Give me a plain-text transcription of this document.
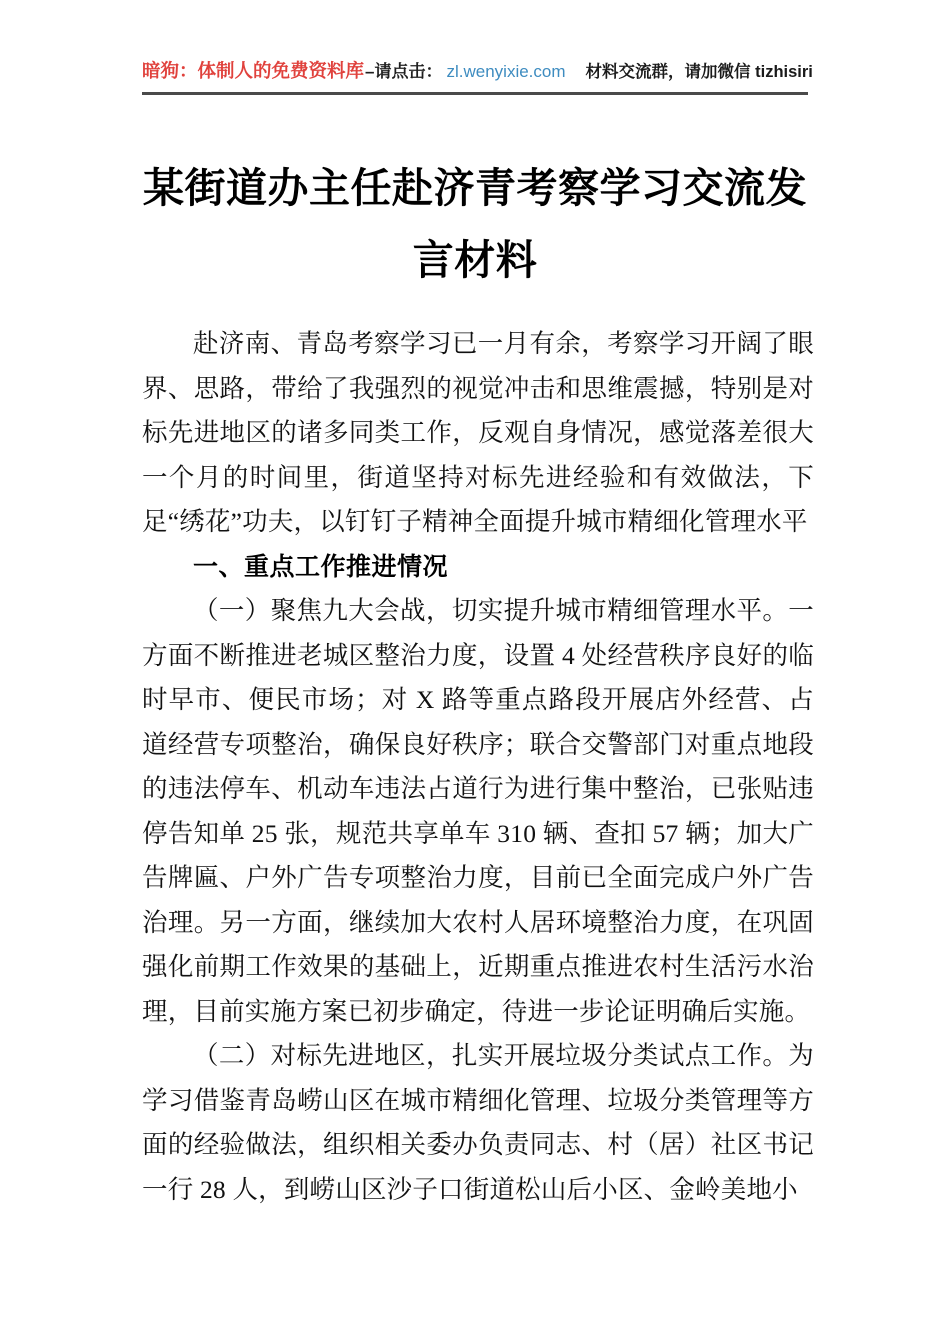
暗狗：体制人的免费资料库 –请点击： zl.wenyixie.com 材料交流群，请加微信 tizhisiri
某街道办主任赴济青考察学习交流发言材料

赴济南、青岛考察学习已一月有余，考察学习开阔了眼界、思路，带给了我强烈的视觉冲击和思维震撼，特别是对标先进地区的诸多同类工作，反观自身情况，感觉落差很大一个月的时间里，街道坚持对标先进经验和有效做法，下足“绣花”功夫，以钉钉子精神全面提升城市精细化管理水平

一、重点工作推进情况

（一）聚焦九大会战，切实提升城市精细管理水平。一方面不断推进老城区整治力度，设置 4 处经营秩序良好的临时早市、便民市场；对 X 路等重点路段开展店外经营、占道经营专项整治，确保良好秩序；联合交警部门对重点地段的违法停车、机动车违法占道行为进行集中整治，已张贴违停告知单 25 张，规范共享单车 310 辆、查扣 57 辆；加大广告牌匾、户外广告专项整治力度，目前已全面完成户外广告治理。另一方面，继续加大农村人居环境整治力度，在巩固强化前期工作效果的基础上，近期重点推进农村生活污水治理，目前实施方案已初步确定，待进一步论证明确后实施。

（二）对标先进地区，扎实开展垃圾分类试点工作。为学习借鉴青岛崂山区在城市精细化管理、垃圾分类管理等方面的经验做法，组织相关委办负责同志、村（居）社区书记一行 28 人，到崂山区沙子口街道松山后小区、金岭美地小
